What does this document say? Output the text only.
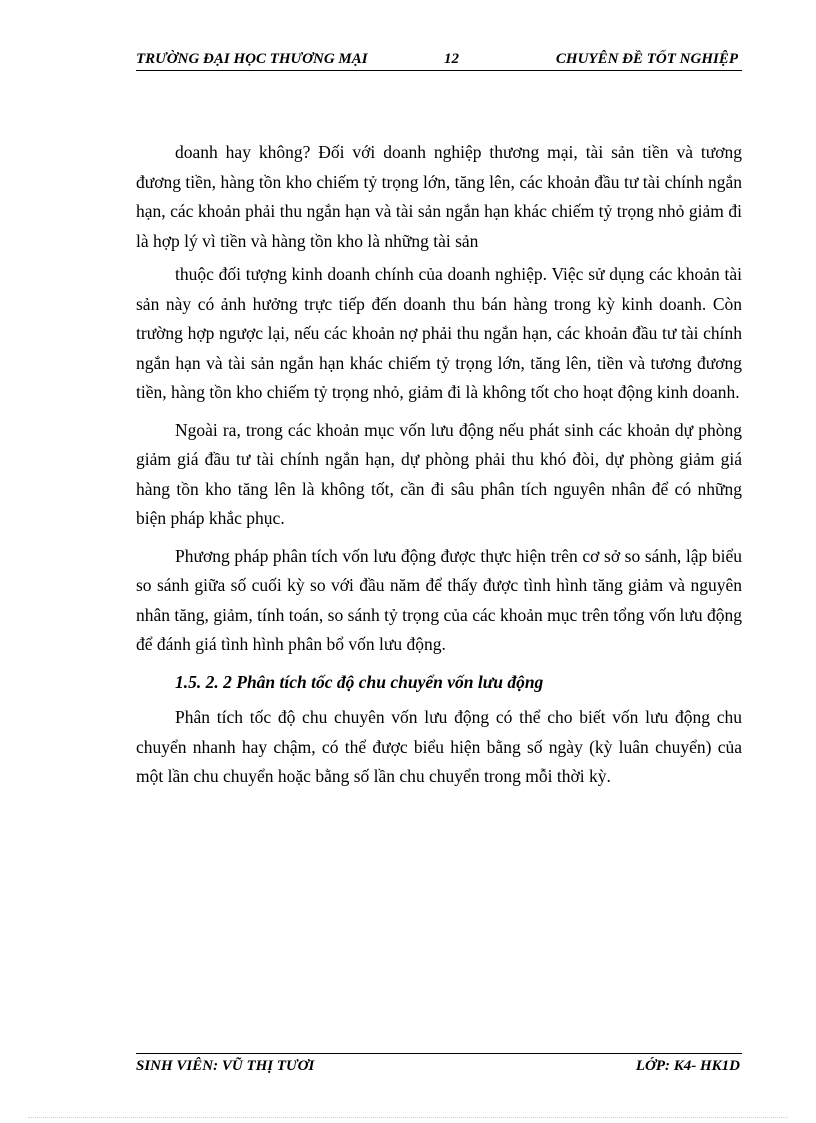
TRƯỜNG ĐẠI HỌC THƯƠNG MẠI	12	CHUYÊN ĐỀ TỐT NGHIỆP

doanh hay không? Đối với doanh nghiệp thương mại, tài sản tiền và tương đương tiền, hàng tồn kho chiếm tỷ trọng lớn, tăng lên, các khoản đầu tư tài chính ngắn hạn, các khoản phải thu ngắn hạn và tài sản ngắn hạn khác chiếm tỷ trọng nhỏ giảm đi là hợp lý vì tiền và hàng tồn kho là những tài sản

thuộc đối tượng kinh doanh chính của doanh nghiệp. Việc sử dụng các khoản tài sản này có ảnh hưởng trực tiếp đến doanh thu bán hàng trong kỳ kinh doanh. Còn trường hợp ngược lại, nếu các khoản nợ phải thu ngắn hạn, các khoản đầu tư tài chính ngắn hạn và tài sản ngắn hạn khác chiếm tỷ trọng lớn, tăng lên, tiền và tương đương tiền, hàng tồn kho chiếm tỷ trọng nhỏ, giảm đi là không tốt cho hoạt động kinh doanh.

Ngoài ra, trong các khoản mục vốn lưu động nếu phát sinh các khoản dự phòng giảm giá đầu tư tài chính ngắn hạn, dự phòng phải thu khó đòi, dự phòng giảm giá hàng tồn kho tăng lên là không tốt, cần đi sâu phân tích nguyên nhân để có những biện pháp khắc phục.

Phương pháp phân tích vốn lưu động được thực hiện trên cơ sở so sánh, lập biểu so sánh giữa số cuối kỳ so với đầu năm để thấy được tình hình tăng giảm và nguyên nhân tăng, giảm, tính toán, so sánh tỷ trọng của các khoản mục trên tổng vốn lưu động để đánh giá tình hình phân bổ vốn lưu động.

1.5. 2. 2 Phân tích tốc độ chu chuyển vốn lưu động

Phân tích tốc độ chu chuyên vốn lưu động có thể cho biết vốn lưu động chu chuyển nhanh hay chậm, có thể được biểu hiện bằng số ngày (kỳ luân chuyển) của một lần chu chuyển hoặc bằng số lần chu chuyển trong mỗi thời kỳ.

SINH VIÊN: VŨ THỊ TƯƠI	LỚP: K4- HK1D
